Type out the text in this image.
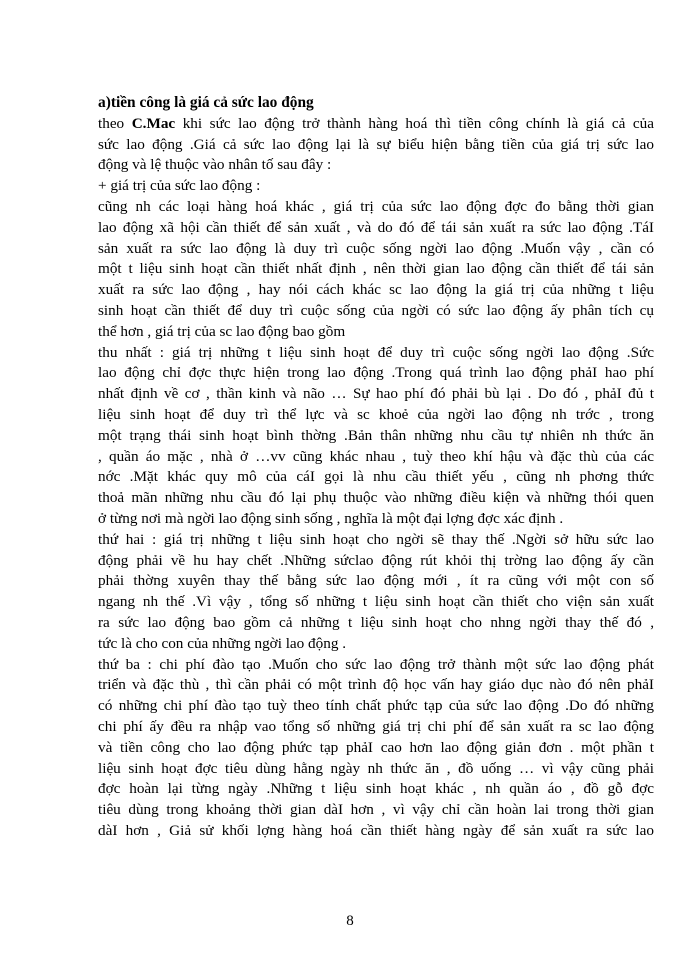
a)tiền công là giá cả sức lao động
theo C.Mac khi sức lao động trở thành hàng hoá thì tiền công chính là giá cả của
sức lao động .Giá cả sức lao động lại là sự biểu hiện bằng tiền của giá trị sức lao
động và lệ thuộc vào nhân tố sau đây :
+ giá trị của sức lao động :
cũng nh các loại hàng hoá khác , giá trị của sức lao động đợc đo bằng thời gian
lao động xã hội cần thiết để sản xuất , và do đó để tái sản xuất ra sức lao động .TáI
sản xuất ra sức lao động là duy trì cuộc sống ngời lao động .Muốn vậy , cần có
một t liệu sinh hoạt cần thiết nhất định , nên thời gian lao động cần thiết để tái sản
xuất ra sức lao động , hay nói cách khác sc lao động la giá trị của những t liệu
sinh hoạt cần thiết để duy trì cuộc sống của ngời có sức lao động ấy phân tích cụ
thể hơn , giá trị của sc lao động bao gồm
thu nhất : giá trị những t liệu sinh hoạt để duy trì cuộc sống ngời lao động .Sức
lao động chỉ đợc thực hiện trong lao động .Trong quá trình lao động phảI hao phí
nhất định về cơ , thần kinh và não … Sự hao phí đó phải bù lại . Do đó , phảI đủ t
liệu sinh hoạt để duy trì thể lực và sc khoẻ của ngời lao động nh trớc , trong
một trạng thái sinh hoạt bình thờng .Bản thân những nhu cầu tự nhiên nh thức ăn
, quần áo mặc , nhà ở …vv cũng khác nhau , tuỳ theo khí hậu và đặc thù của các
nớc .Mặt khác quy mô của cáI gọi là nhu cầu thiết yếu , cũng nh phơng thức
thoả mãn những nhu cầu đó lại phụ thuộc vào những điều kiện và những thói quen
ở từng nơi mà ngời lao động sinh sống , nghĩa là một đại lợng đợc xác định .
thứ hai : giá trị những t liệu sinh hoạt cho ngời sẽ thay thế .Ngời sở hữu sức lao
động phải về hu hay chết .Những sứclao động rút khỏi thị trờng lao động ấy cần
phải thờng xuyên thay thế bằng sức lao động mới , ít ra cũng với một con số
ngang nh thế .Vì vậy , tổng số những t liệu sinh hoạt cần thiết cho viện sản xuất
ra sức lao động bao gồm cả những t liệu sinh hoạt cho nhng ngời thay thế đó ,
tức là cho con của những ngời lao động .
thứ ba : chi phí đào tạo .Muốn cho sức lao động trở thành một sức lao động phát
triển và đặc thù , thì cần phải có một trình độ học vấn hay giáo dục nào đó nên phảI
có những chi phí đào tạo tuỳ theo tính chất phức tạp của sức lao động .Do đó những
chi phí ấy đều ra nhập vao tổng số những giá trị chi phí để sản xuất ra sc lao động
và tiền công cho lao động phức tạp phảI cao hơn lao động giản đơn . một phần t
liệu sinh hoạt đợc tiêu dùng hằng ngày nh thức ăn , đồ uống … vì vậy cũng phải
đợc hoàn lại từng ngày .Những t liệu sinh hoạt khác , nh quần áo , đồ gỗ đợc
tiêu dùng trong khoảng thời gian dàI hơn , vì vậy chỉ cần hoàn lai trong thời gian
dàI hơn , Giả sử khối lợng hàng hoá cần thiết hàng ngày để sản xuất ra sức lao
8
